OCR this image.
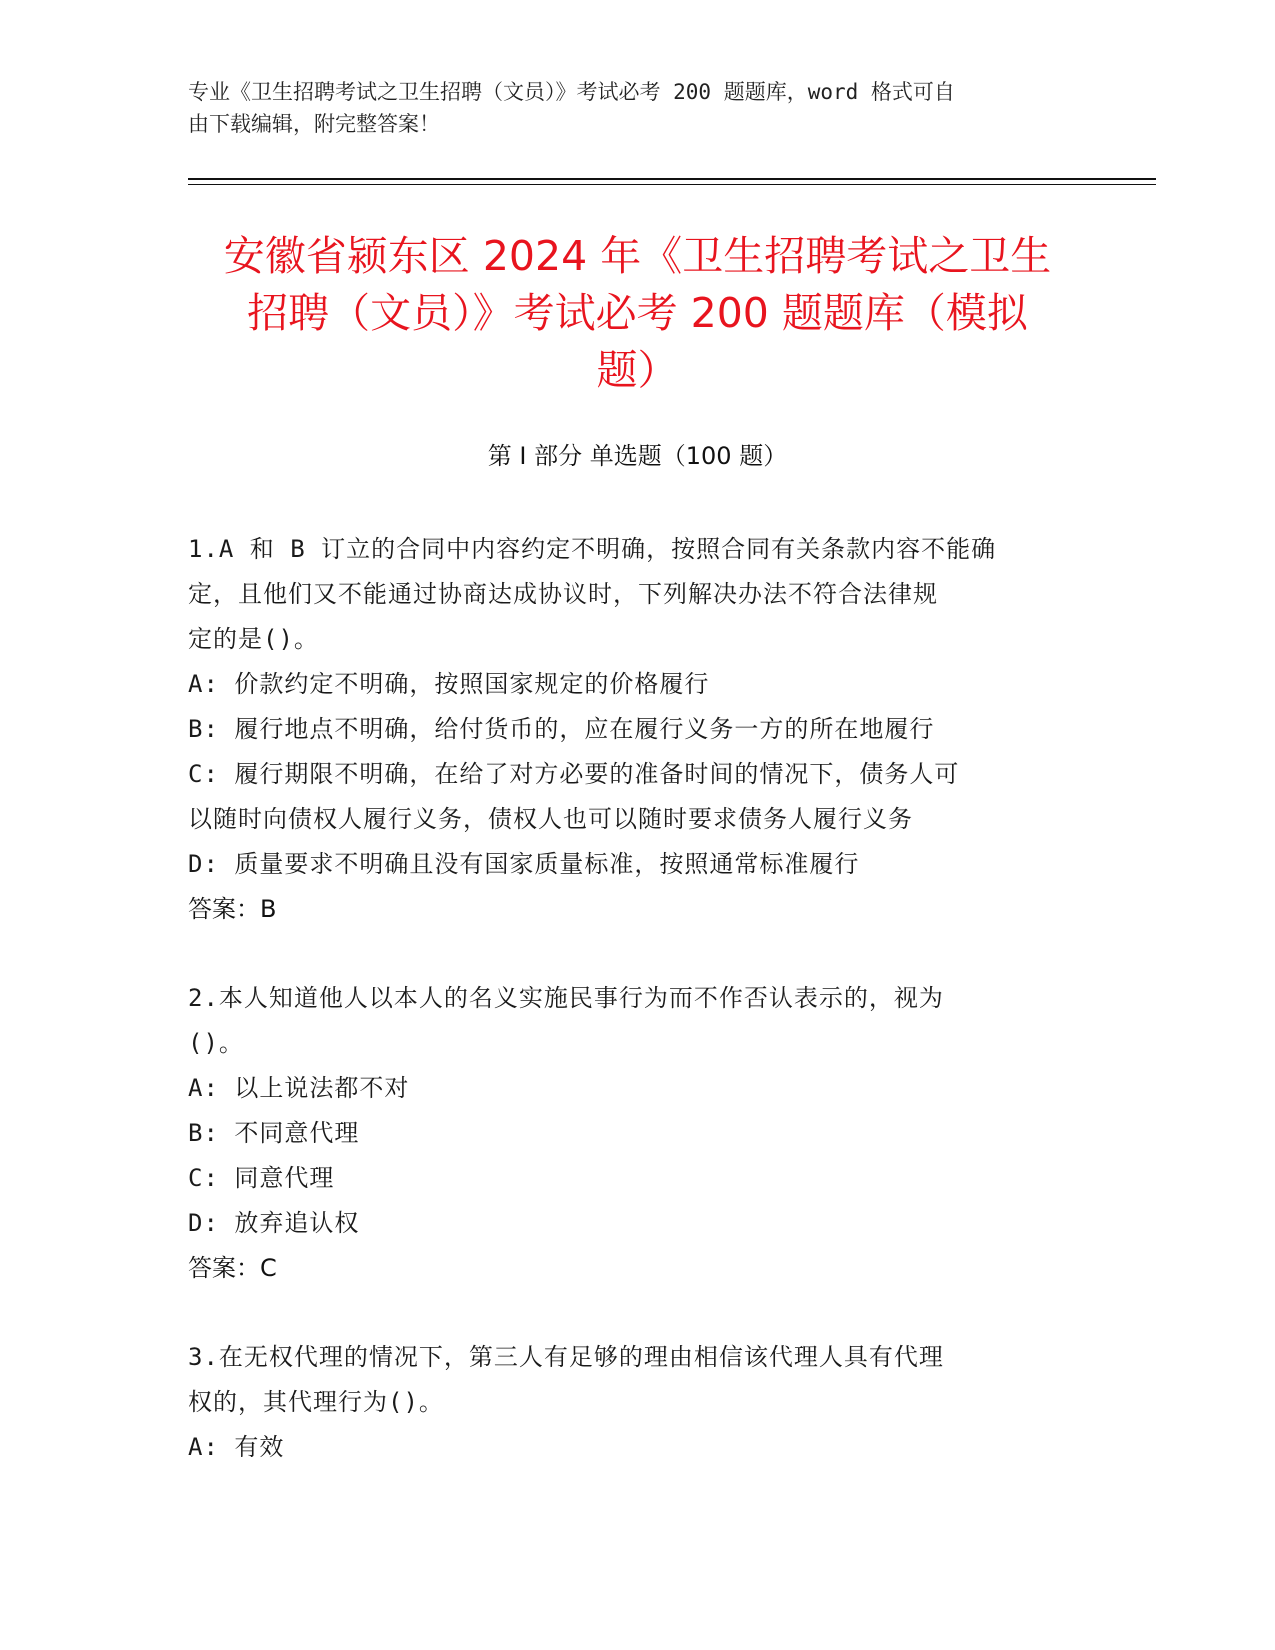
专业《卫生招聘考试之卫生招聘（文员）》考试必考 200 题题库，word 格式可自
由下载编辑，附完整答案！
安徽省颍东区 2024 年《卫生招聘考试之卫生
招聘（文员）》考试必考 200 题题库（模拟
题）
第 I 部分 单选题（100 题）
1.A 和 B 订立的合同中内容约定不明确，按照合同有关条款内容不能确
定，且他们又不能通过协商达成协议时，下列解决办法不符合法律规
定的是()。
A: 价款约定不明确，按照国家规定的价格履行
B: 履行地点不明确，给付货币的，应在履行义务一方的所在地履行
C: 履行期限不明确，在给了对方必要的准备时间的情况下，债务人可
以随时向债权人履行义务，债权人也可以随时要求债务人履行义务
D: 质量要求不明确且没有国家质量标准，按照通常标准履行
答案：B
2.本人知道他人以本人的名义实施民事行为而不作否认表示的，视为
()。
A: 以上说法都不对
B: 不同意代理
C: 同意代理
D: 放弃追认权
答案：C
3.在无权代理的情况下，第三人有足够的理由相信该代理人具有代理
权的，其代理行为()。
A: 有效
